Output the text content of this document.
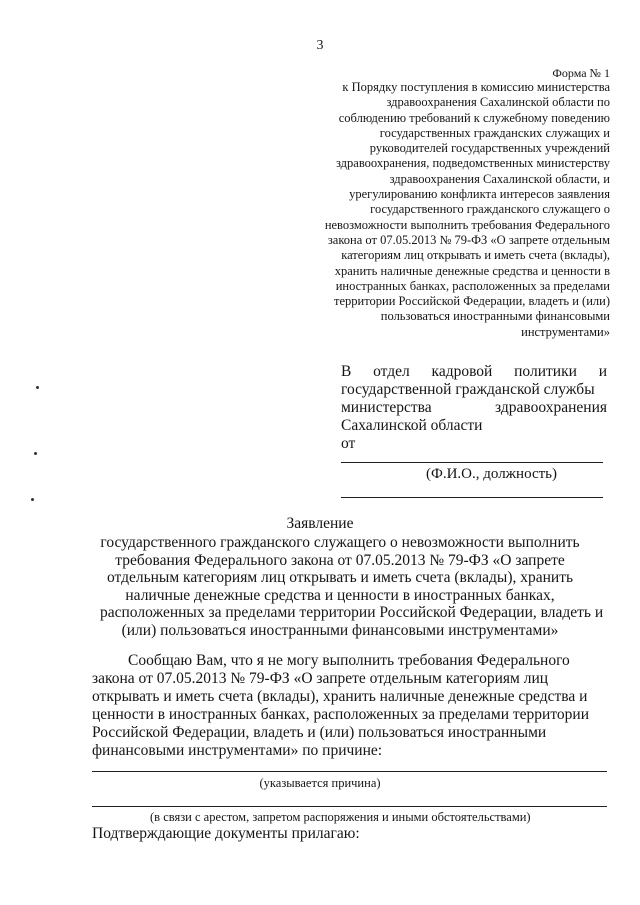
3
Форма № 1
к Порядку поступления в комиссию министерства
здравоохранения Сахалинской области по
соблюдению требований к служебному поведению
государственных гражданских служащих и
руководителей государственных учреждений
здравоохранения, подведомственных министерству
здравоохранения Сахалинской области, и
урегулированию конфликта интересов заявления
государственного гражданского служащего о
невозможности выполнить требования Федерального
закона от 07.05.2013 № 79-ФЗ «О запрете отдельным
категориям лиц открывать и иметь счета (вклады),
хранить наличные денежные средства и ценности в
иностранных банках, расположенных за пределами
территории Российской Федерации, владеть и (или)
пользоваться иностранными финансовыми
инструментами»
В отдел кадровой политики и
государственной гражданской службы
министерства	здравоохранения
Сахалинской области
от
(Ф.И.О., должность)
Заявление
государственного гражданского служащего о невозможности выполнить
требования Федерального закона от 07.05.2013 № 79-ФЗ «О запрете
отдельным категориям лиц открывать и иметь счета (вклады), хранить
наличные денежные средства и ценности в иностранных банках,
расположенных за пределами территории Российской Федерации, владеть и
(или) пользоваться иностранными финансовыми инструментами»
Сообщаю Вам, что я не могу выполнить требования Федерального
закона от 07.05.2013 № 79-ФЗ «О запрете отдельным категориям лиц
открывать и иметь счета (вклады), хранить наличные денежные средства и
ценности в иностранных банках, расположенных за пределами территории
Российской Федерации, владеть и (или) пользоваться иностранными
финансовыми инструментами» по причине:
(указывается причина)
(в связи с арестом, запретом распоряжения и иными обстоятельствами)
Подтверждающие документы прилагаю:
